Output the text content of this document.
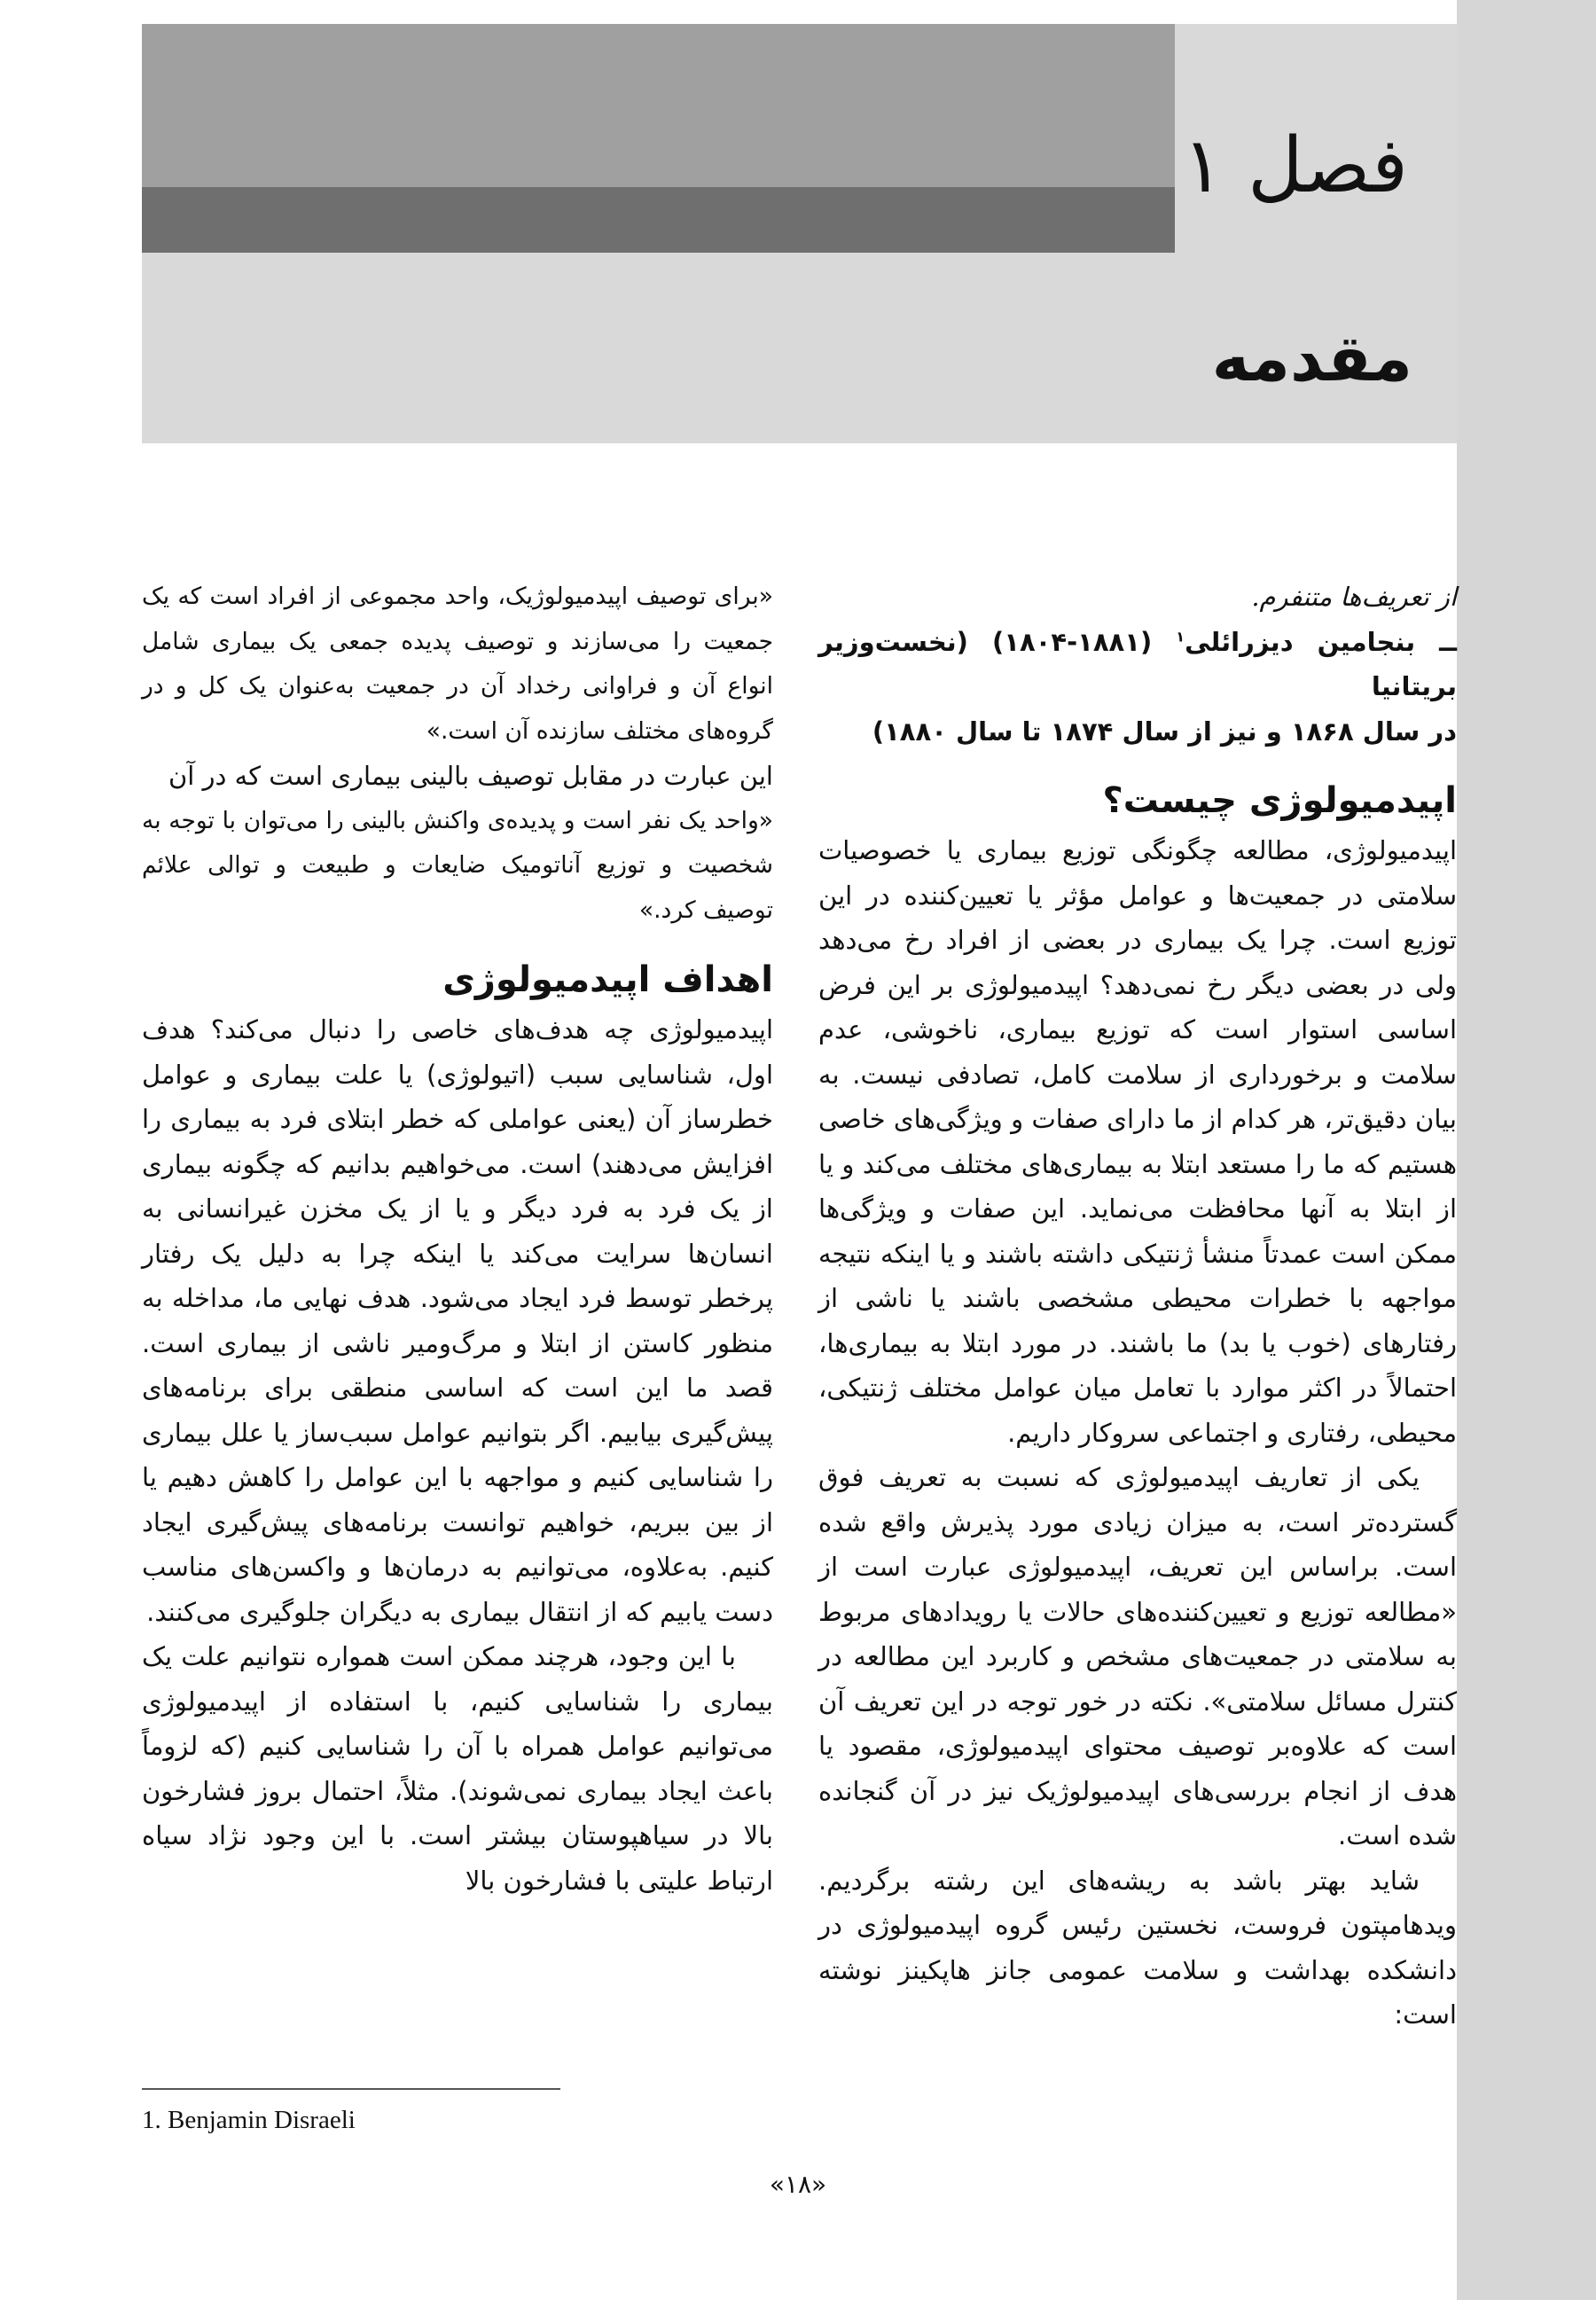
فصل ۱
مقدمه

از تعریف‌ها متنفرم.

ــ بنجامین دیزرائلی$^۱$ (۱۸۸۱-۱۸۰۴) (نخست‌وزیر بریتانیا

در سال ۱۸۶۸ و نیز از سال ۱۸۷۴ تا سال ۱۸۸۰)

اپیدمیولوژی چیست؟

اپیدمیولوژی، مطالعه چگونگی توزیع بیماری یا خصوصیات سلامتی در جمعیت‌ها و عوامل مؤثر یا تعیین‌کننده در این توزیع است. چرا یک بیماری در بعضی از افراد رخ می‌دهد ولی در بعضی دیگر رخ نمی‌دهد؟ اپیدمیولوژی بر این فرض اساسی استوار است که توزیع بیماری، ناخوشی، عدم سلامت و برخورداری از سلامت کامل، تصادفی نیست. به بیان دقیق‌تر، هر کدام از ما دارای صفات و ویژگی‌های خاصی هستیم که ما را مستعد ابتلا به بیماری‌های مختلف می‌کند و یا از ابتلا به آنها محافظت می‌نماید. این صفات و ویژگی‌ها ممکن است عمدتاً منشأ ژنتیکی داشته باشند و یا اینکه نتیجه مواجهه با خطرات محیطی مشخصی باشند یا ناشی از رفتارهای (خوب یا بد) ما باشند. در مورد ابتلا به بیماری‌ها، احتمالاً در اکثر موارد با تعامل میان عوامل مختلف ژنتیکی، محیطی، رفتاری و اجتماعی سروکار داریم.

یکی از تعاریف اپیدمیولوژی که نسبت به تعریف فوق گسترده‌تر است، به میزان زیادی مورد پذیرش واقع شده است. براساس این تعریف، اپیدمیولوژی عبارت است از «مطالعه توزیع و تعیین‌کننده‌های حالات یا رویدادهای مربوط به سلامتی در جمعیت‌های مشخص و کاربرد این مطالعه در کنترل مسائل سلامتی». نکته در خور توجه در این تعریف آن است که علاوه‌بر توصیف محتوای اپیدمیولوژی، مقصود یا هدف از انجام بررسی‌های اپیدمیولوژیک نیز در آن گنجانده شده است.

شاید بهتر باشد به ریشه‌های این رشته برگردیم. ویدهامپتون فروست، نخستین رئیس گروه اپیدمیولوژی در دانشکده بهداشت و سلامت عمومی جانز هاپکینز نوشته است:

«برای توصیف اپیدمیولوژیک، واحد مجموعی از افراد است که یک جمعیت را می‌سازند و توصیف پدیده جمعی یک بیماری شامل انواع آن و فراوانی رخداد آن در جمعیت به‌عنوان یک کل و در گروه‌های مختلف سازنده آن است.»

این عبارت در مقابل توصیف بالینی بیماری است که در آن

«واحد یک نفر است و پدیده‌ی واکنش بالینی را می‌توان با توجه به شخصیت و توزیع آناتومیک ضایعات و طبیعت و توالی علائم توصیف کرد.»

اهداف اپیدمیولوژی

اپیدمیولوژی چه هدف‌های خاصی را دنبال می‌کند؟ هدف اول، شناسایی سبب (اتیولوژی) یا علت بیماری و عوامل خطرساز آن (یعنی عواملی که خطر ابتلای فرد به بیماری را افزایش می‌دهند) است. می‌خواهیم بدانیم که چگونه بیماری از یک فرد به فرد دیگر و یا از یک مخزن غیرانسانی به انسان‌ها سرایت می‌کند یا اینکه چرا به دلیل یک رفتار پرخطر توسط فرد ایجاد می‌شود. هدف نهایی ما، مداخله به منظور کاستن از ابتلا و مرگ‌ومیر ناشی از بیماری است. قصد ما این است که اساسی منطقی برای برنامه‌های پیش‌گیری بیابیم. اگر بتوانیم عوامل سبب‌ساز یا علل بیماری را شناسایی کنیم و مواجهه با این عوامل را کاهش دهیم یا از بین ببریم، خواهیم توانست برنامه‌های پیش‌گیری ایجاد کنیم. به‌علاوه، می‌توانیم به درمان‌ها و واکسن‌های مناسب دست یابیم که از انتقال بیماری به دیگران جلوگیری می‌کنند.

با این وجود، هرچند ممکن است همواره نتوانیم علت یک بیماری را شناسایی کنیم، با استفاده از اپیدمیولوژی می‌توانیم عوامل همراه با آن را شناسایی کنیم (که لزوماً باعث ایجاد بیماری نمی‌شوند). مثلاً، احتمال بروز فشارخون بالا در سیاهپوستان بیشتر است. با این وجود نژاد سیاه ارتباط علیتی با فشارخون بالا

1. Benjamin Disraeli
«۱۸»
